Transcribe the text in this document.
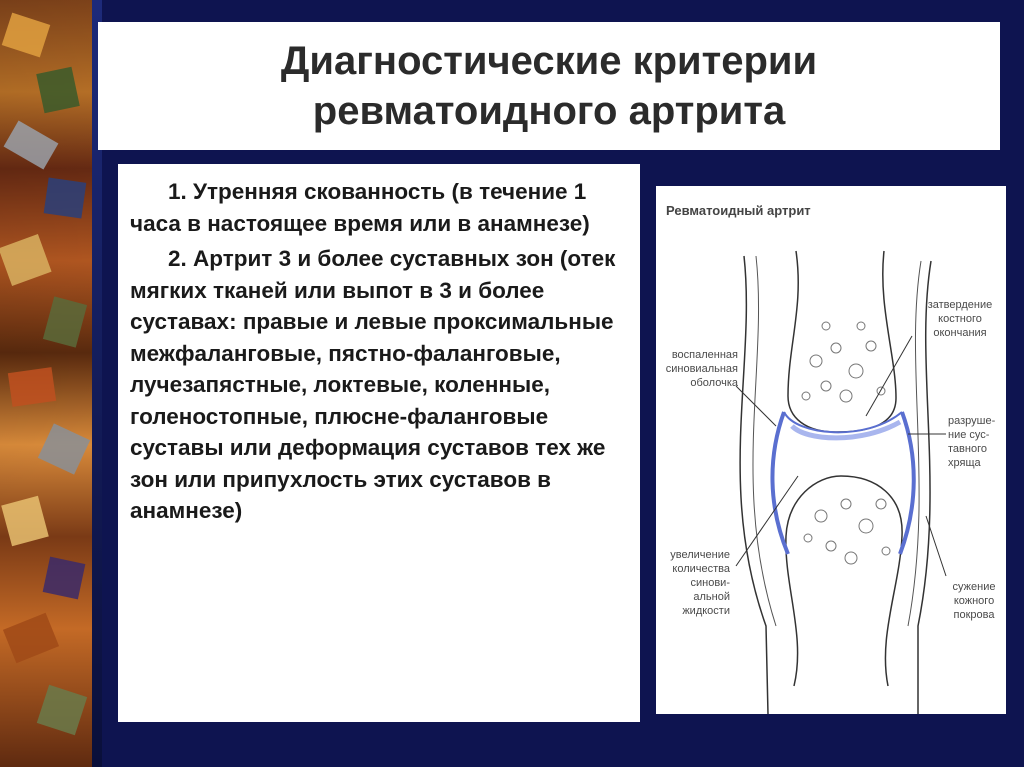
Диагностические критерии
ревматоидного артрита

1. Утренняя скованность (в течение 1 часа в настоящее время или в анамнезе)

2. Артрит 3 и более суставных зон (отек мягких тканей или выпот в 3 и более суставах: правые и левые проксимальные межфаланговые, пястно-фаланговые, лучезапястные, локтевые, коленные, голеностопные, плюсне-фаланговые суставы или деформация суставов тех же зон или припухлость этих суставов в анамнезе)

Ревматоидный артрит
воспаленная
синовиальная
оболочка
затвердение
костного
окончания
разруше-
ние сус-
тавного
хряща
увеличение
количества
синови-
альной
жидкости
сужение
кожного
покрова
